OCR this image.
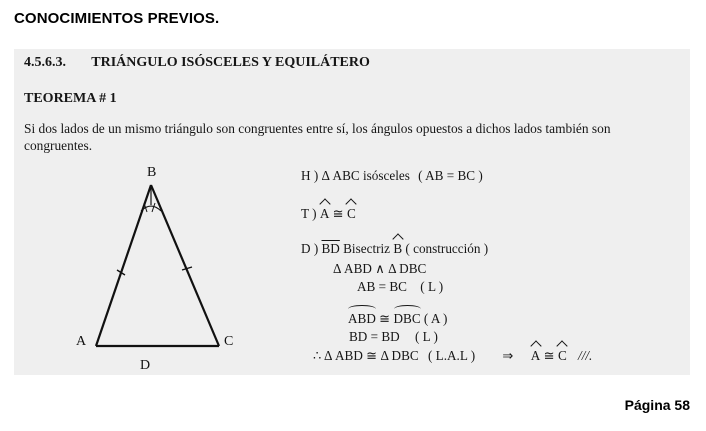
CONOCIMIENTOS PREVIOS.
4.5.6.3. TRIÁNGULO ISÓSCELES Y EQUILÁTERO
TEOREMA # 1
Si dos lados de un mismo triángulo son congruentes entre sí, los ángulos opuestos a dichos lados también son
congruentes.
B
A	C
D
H ) Δ ABC isósceles ( AB = BC )
T ) A ≅ C
D ) $\overline{BD}$ Bisectriz B ( construcción )
Δ ABD ∧ Δ DBC
AB = BC ( L )
ABD ≅ DBC ( A )
BD = BD ( L )
∴ Δ ABD ≅ Δ DBC ( L.A.L ) ⇒ A ≅ C ///.
Página 58
